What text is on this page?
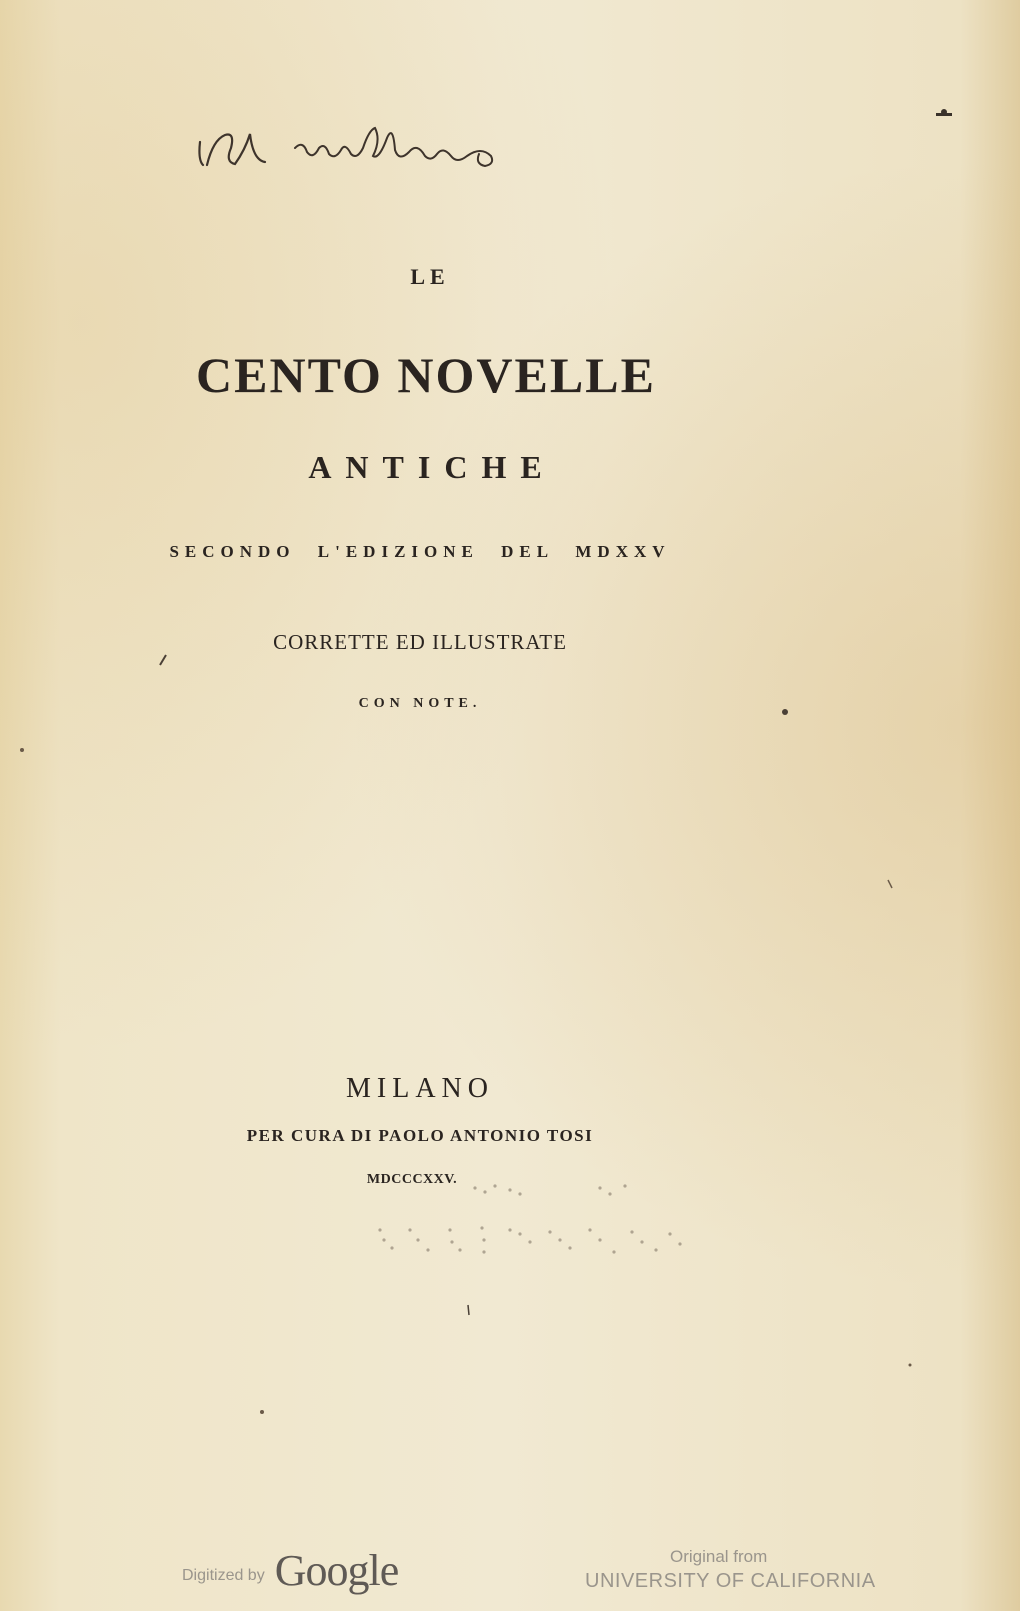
LE
CENTO NOVELLE
ANTICHE
SECONDO L'EDIZIONE DEL MDXXV
CORRETTE ED ILLUSTRATE
CON NOTE.
MILANO
PER CURA DI PAOLO ANTONIO TOSI
MDCCCXXV.
Digitized by Google	Original from
UNIVERSITY OF CALIFORNIA
